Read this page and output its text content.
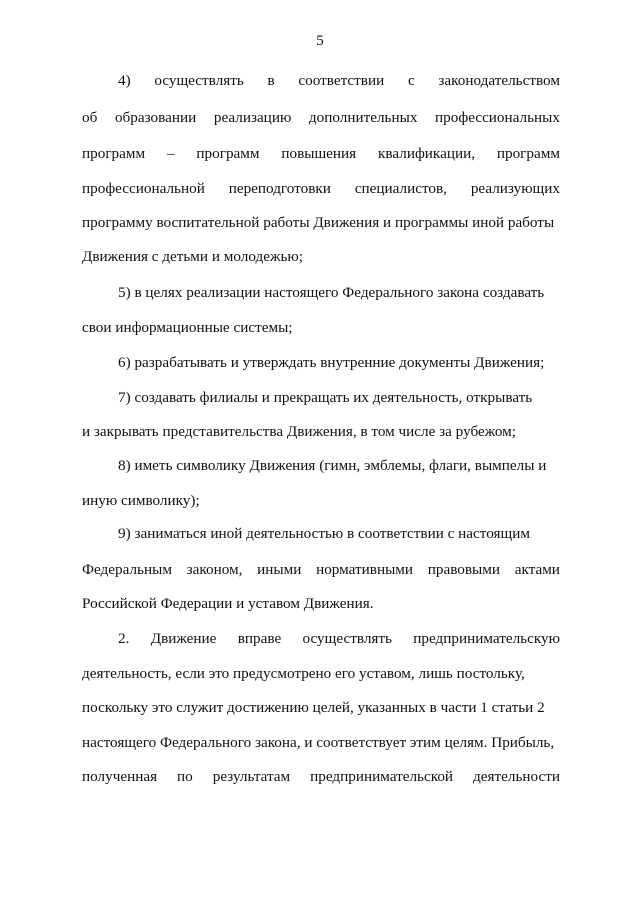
5
4) осуществлять в соответствии с законодательством
об образовании реализацию дополнительных профессиональных
программ – программ повышения квалификации, программ
профессиональной переподготовки специалистов, реализующих
программу воспитательной работы Движения и программы иной работы
Движения с детьми и молодежью;
5) в целях реализации настоящего Федерального закона создавать
свои информационные системы;
6) разрабатывать и утверждать внутренние документы Движения;
7) создавать филиалы и прекращать их деятельность, открывать
и закрывать представительства Движения, в том числе за рубежом;
8) иметь символику Движения (гимн, эмблемы, флаги, вымпелы и
иную символику);
9) заниматься иной деятельностью в соответствии с настоящим
Федеральным законом, иными нормативными правовыми актами
Российской Федерации и уставом Движения.
2. Движение вправе осуществлять предпринимательскую
деятельность, если это предусмотрено его уставом, лишь постольку,
поскольку это служит достижению целей, указанных в части 1 статьи 2
настоящего Федерального закона, и соответствует этим целям. Прибыль,
полученная по результатам предпринимательской деятельности
